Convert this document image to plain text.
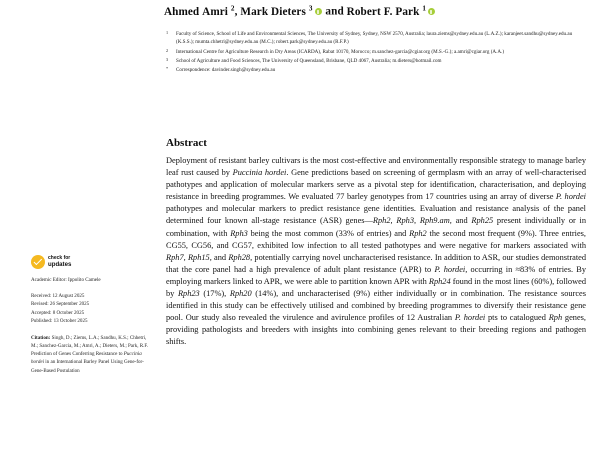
Ahmed Amri $^2$, Mark Dieters $^3$ and Robert F. Park $^1$
1	Faculty of Science, School of Life and Environmental Sciences, The University of Sydney, Sydney, NSW 2570, Australia; laura.ziems@sydney.edu.au (L.A.Z.); karanjeet.sandhu@sydney.edu.au (K.S.S.); mumta.chhetri@sydney.edu.au (M.C.); robert.park@sydney.edu.au (R.F.P.)
2	International Centre for Agriculture Research in Dry Areas (ICARDA), Rabat 10170, Morocco; m.sanchez-garcia@cgiar.org (M.S.-G.); a.amri@cgiar.org (A.A.)
3	School of Agriculture and Food Sciences, The University of Queensland, Brisbane, QLD 4067, Australia; m.dieters@hotmail.com
*	Correspondence: davinder.singh@sydney.edu.au
Abstract
Deployment of resistant barley cultivars is the most cost-effective and environmentally responsible strategy to manage barley leaf rust caused by Puccinia hordei. Gene predictions based on screening of germplasm with an array of well-characterised pathotypes and application of molecular markers serve as a pivotal step for identification, characterisation, and deploying resistance in breeding programmes. We evaluated 77 barley genotypes from 17 countries using an array of diverse P. hordei pathotypes and molecular markers to predict resistance gene identities. Evaluation and resistance analysis of the panel determined four known all-stage resistance (ASR) genes—Rph2, Rph3, Rph9.am, and Rph25 present individually or in combination, with Rph3 being the most common (33% of entries) and Rph2 the second most frequent (9%). Three entries, CG55, CG56, and CG57, exhibited low infection to all tested pathotypes and were negative for markers associated with Rph7, Rph15, and Rph28, potentially carrying novel uncharacterised resistance. In addition to ASR, our studies demonstrated that the core panel had a high prevalence of adult plant resistance (APR) to P. hordei, occurring in ≈83% of entries. By employing markers linked to APR, we were able to partition known APR with Rph24 found in the most lines (60%), followed by Rph23 (17%), Rph20 (14%), and uncharacterised (9%) either individually or in combination. The resistance sources identified in this study can be effectively utilised and combined by breeding programmes to diversify their resistance gene pool. Our study also revealed the virulence and avirulence profiles of 12 Australian P. hordei pts to catalogued Rph genes, providing pathologists and breeders with insights into combining genes relevant to their breeding regions and pathogen shifts.
check for
updates
Academic Editor: Ippolito Camele
Received: 12 August 2025
Revised: 26 September 2025
Accepted: 8 October 2025
Published: 13 October 2025
Citation: Singh, D.; Ziems, L.A.; Sandhu, K.S.; Chhetri, M.; Sanchez-Garcia, M.; Amri, A.; Dieters, M.; Park, R.F. Prediction of Genes Conferring Resistance to Puccinia hordei in an International Barley Panel Using Gene-for-Gene-Based Postulation
